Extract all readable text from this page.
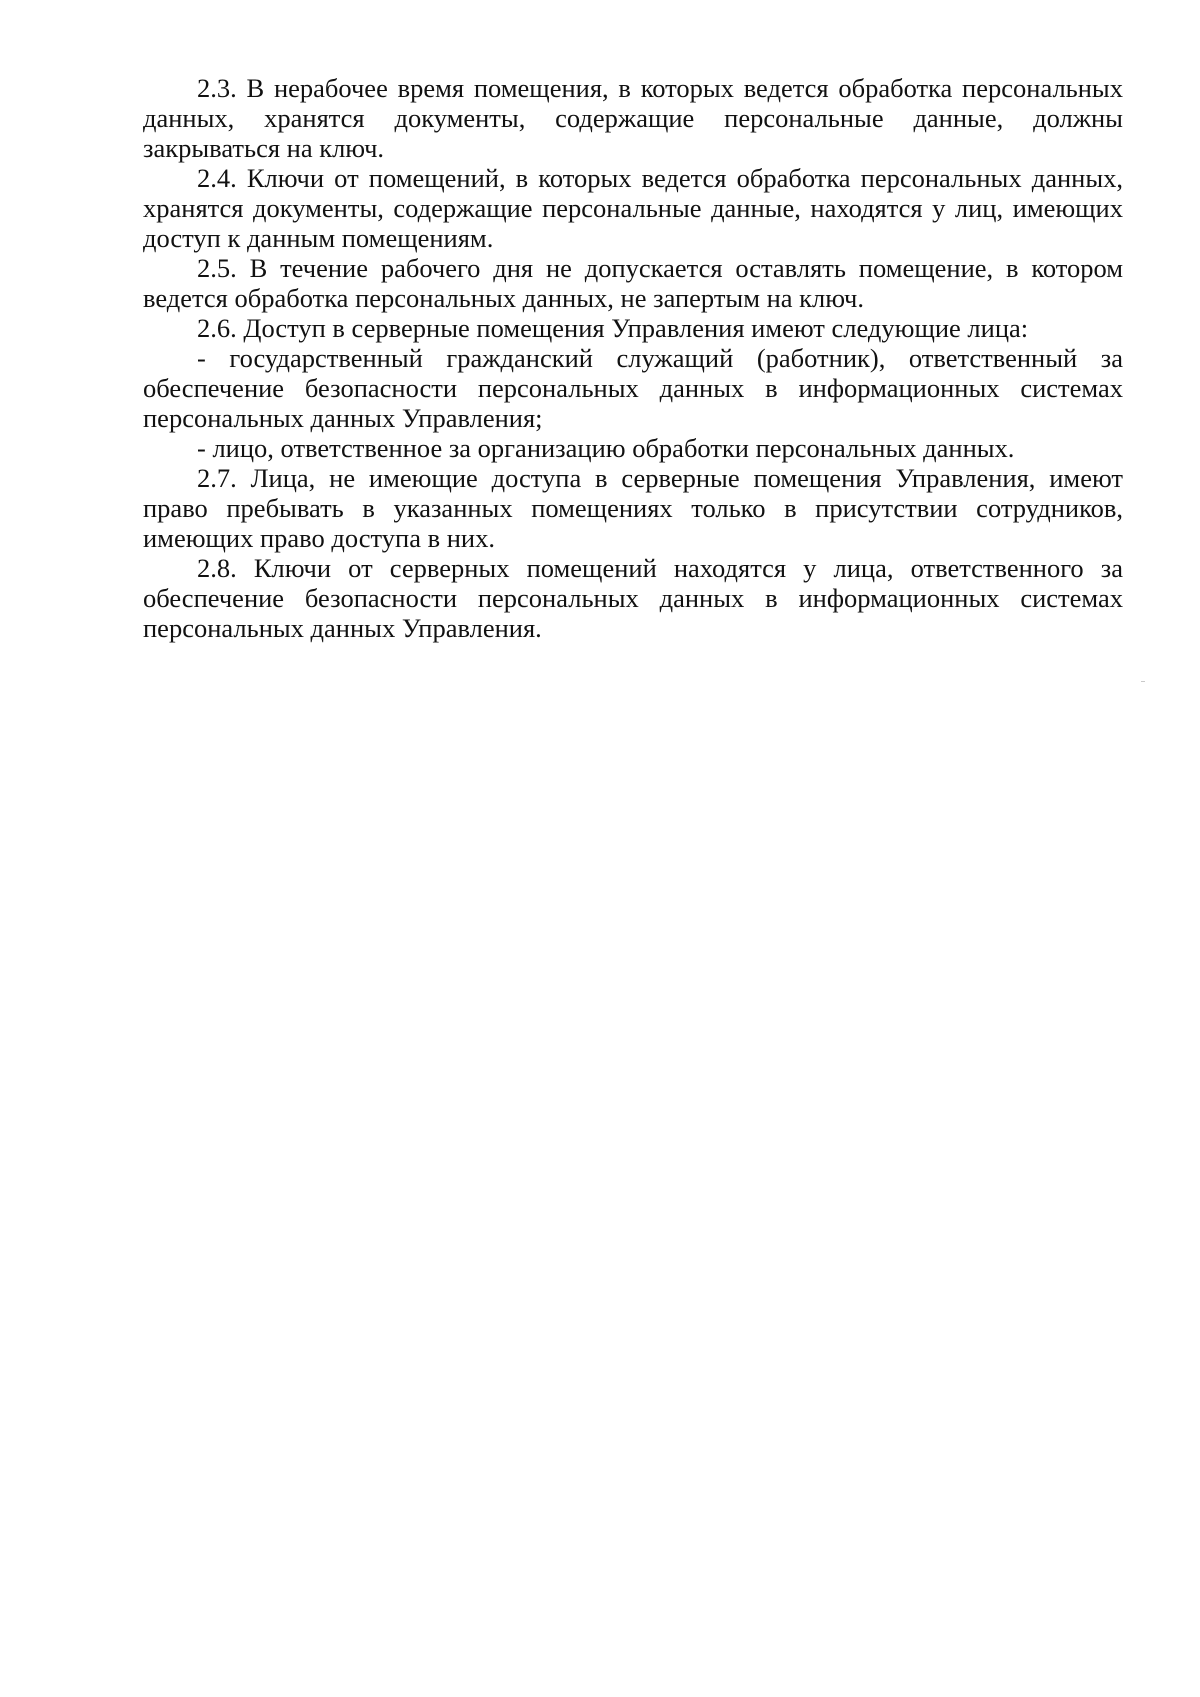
2.3. В нерабочее время помещения, в которых ведется обработка персональных данных, хранятся документы, содержащие персональные данные, должны закрываться на ключ.

2.4. Ключи от помещений, в которых ведется обработка персональных данных, хранятся документы, содержащие персональные данные, находятся у лиц, имеющих доступ к данным помещениям.

2.5. В течение рабочего дня не допускается оставлять помещение, в котором ведется обработка персональных данных, не запертым на ключ.

2.6. Доступ в серверные помещения Управления имеют следующие лица:

- государственный гражданский служащий (работник), ответственный за обеспечение безопасности персональных данных в информационных системах персональных данных Управления;

- лицо, ответственное за организацию обработки персональных данных.

2.7. Лица, не имеющие доступа в серверные помещения Управления, имеют право пребывать в указанных помещениях только в присутствии сотрудников, имеющих право доступа в них.

2.8. Ключи от серверных помещений находятся у лица, ответственного за обеспечение безопасности персональных данных в информационных системах персональных данных Управления.
